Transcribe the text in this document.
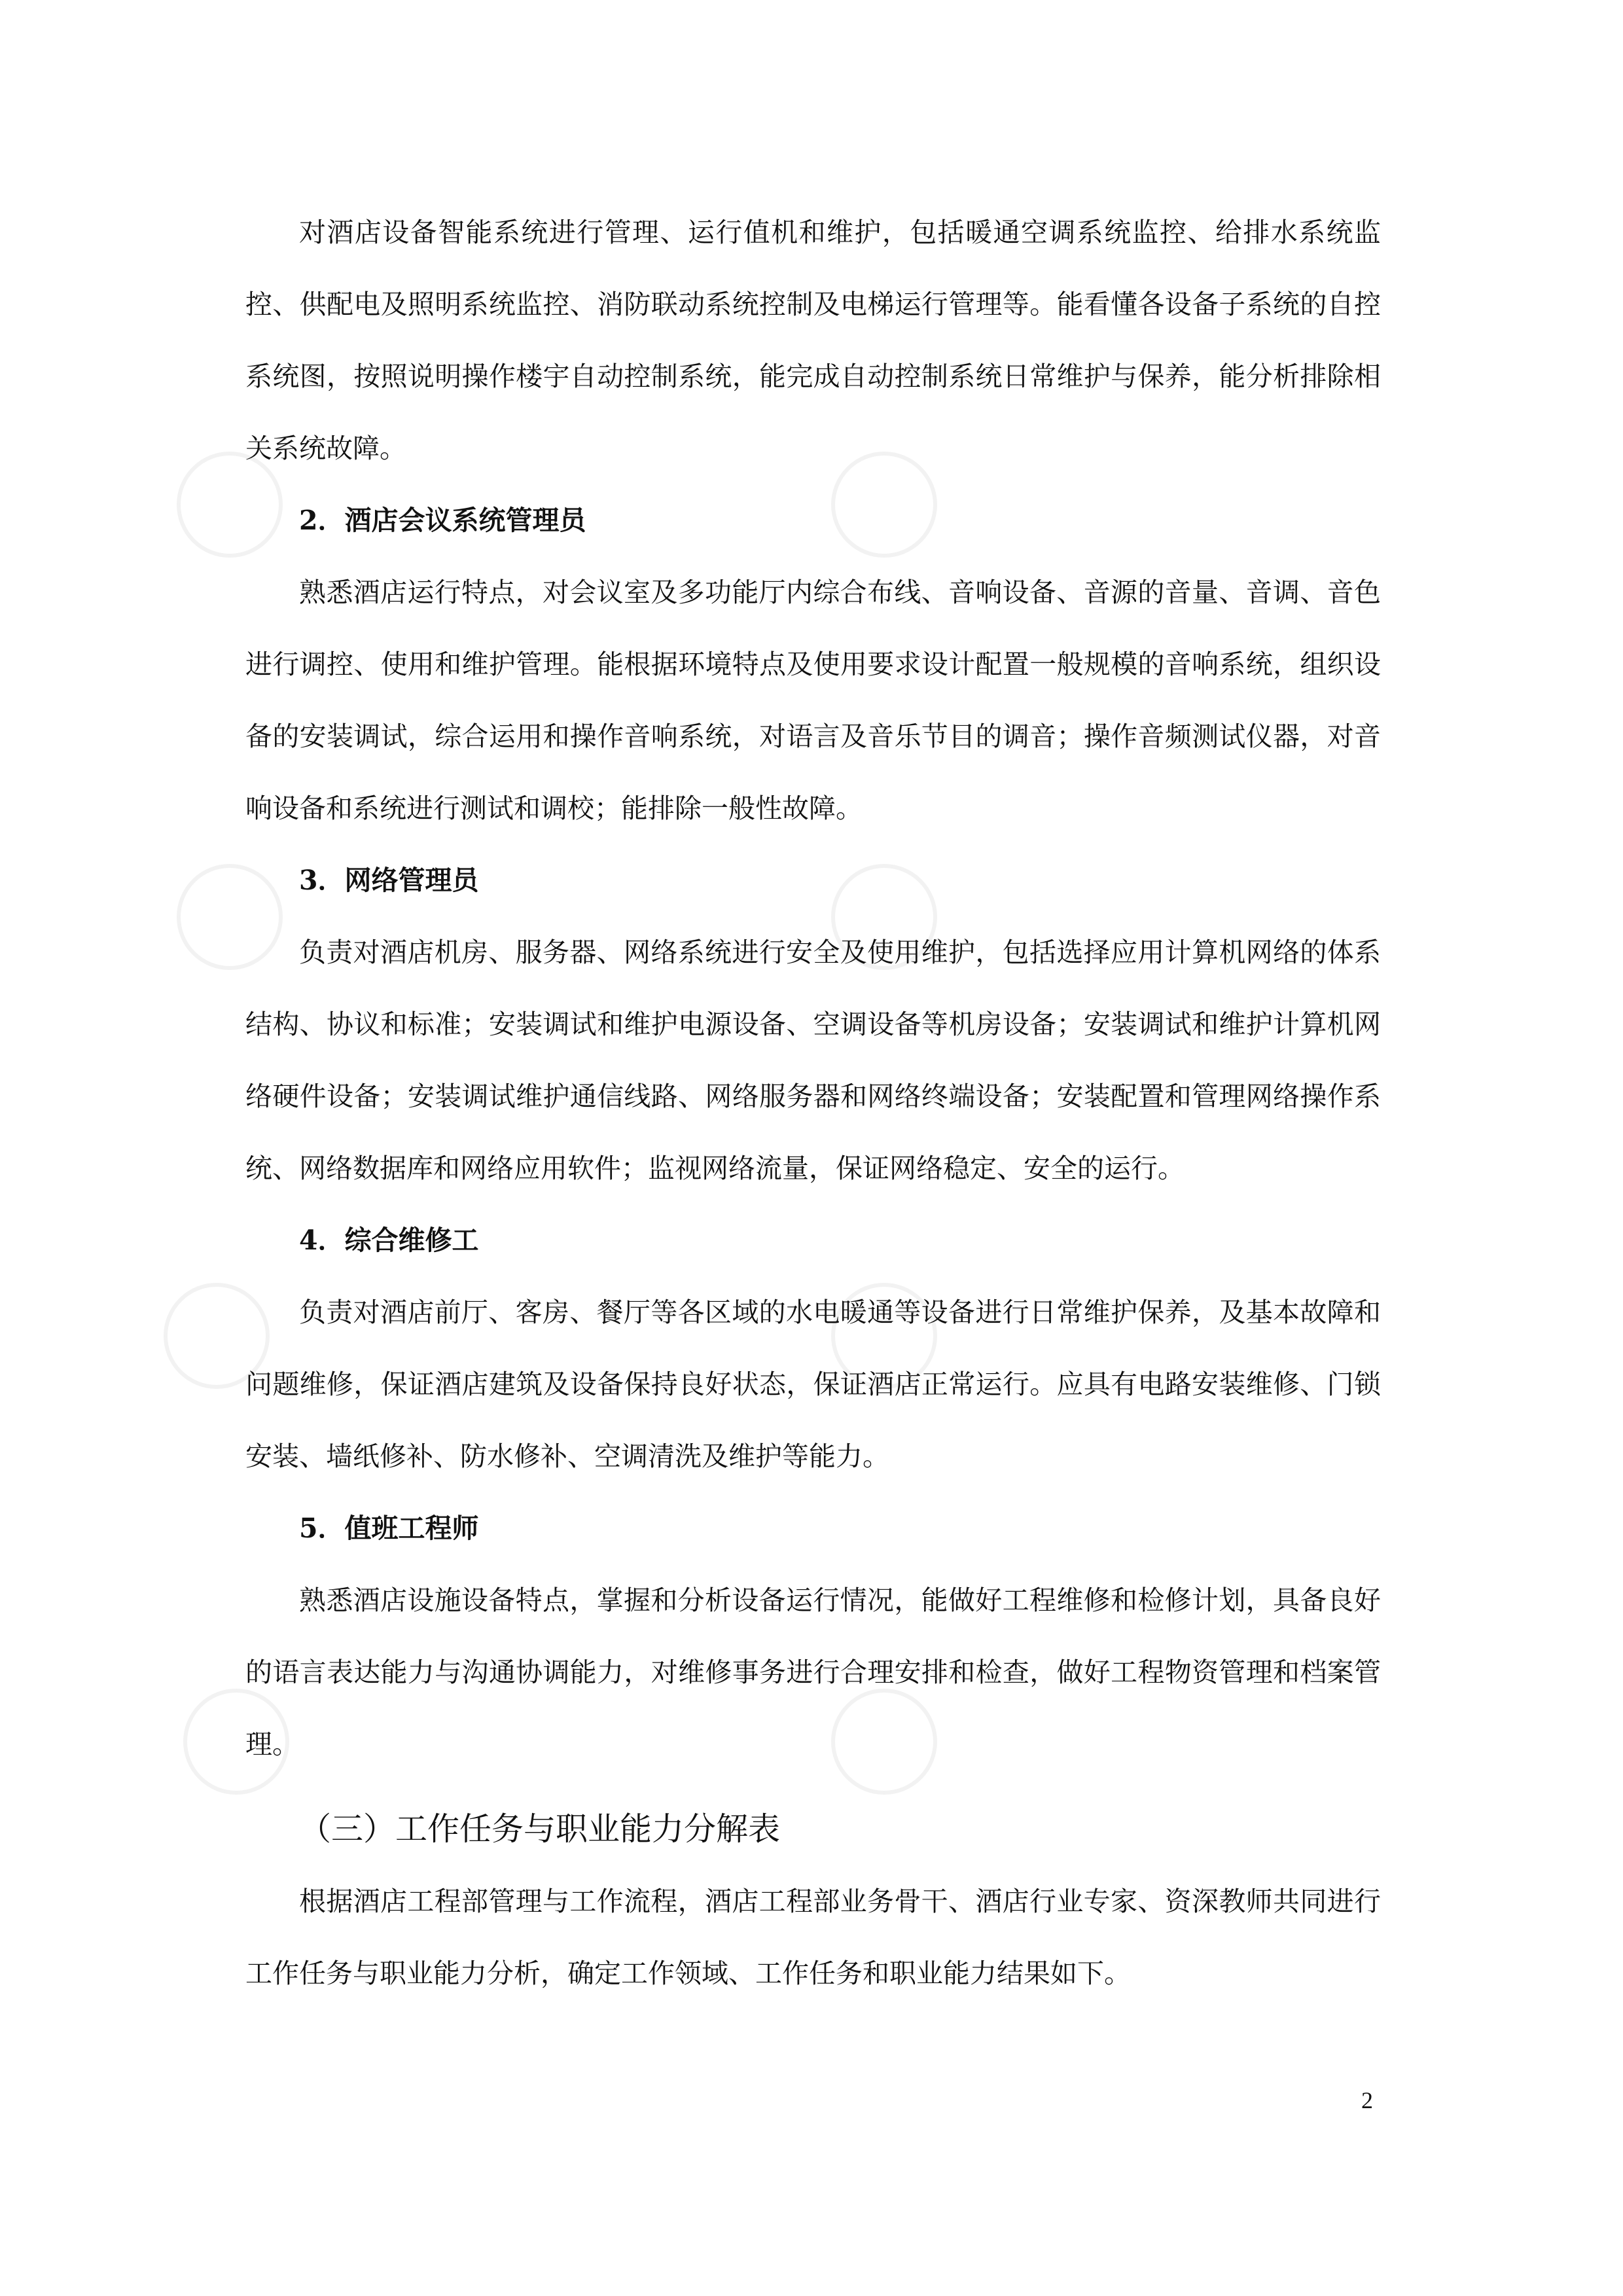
对酒店设备智能系统进行管理、运行值机和维护，包括暖通空调系统监控、给排水系统监控、供配电及照明系统监控、消防联动系统控制及电梯运行管理等。能看懂各设备子系统的自控系统图，按照说明操作楼宇自动控制系统，能完成自动控制系统日常维护与保养，能分析排除相关系统故障。

2．酒店会议系统管理员

熟悉酒店运行特点，对会议室及多功能厅内综合布线、音响设备、音源的音量、音调、音色进行调控、使用和维护管理。能根据环境特点及使用要求设计配置一般规模的音响系统，组织设备的安装调试，综合运用和操作音响系统，对语言及音乐节目的调音；操作音频测试仪器，对音响设备和系统进行测试和调校；能排除一般性故障。

3．网络管理员

负责对酒店机房、服务器、网络系统进行安全及使用维护，包括选择应用计算机网络的体系结构、协议和标准；安装调试和维护电源设备、空调设备等机房设备；安装调试和维护计算机网络硬件设备；安装调试维护通信线路、网络服务器和网络终端设备；安装配置和管理网络操作系统、网络数据库和网络应用软件；监视网络流量，保证网络稳定、安全的运行。

4．综合维修工

负责对酒店前厅、客房、餐厅等各区域的水电暖通等设备进行日常维护保养，及基本故障和问题维修，保证酒店建筑及设备保持良好状态，保证酒店正常运行。应具有电路安装维修、门锁安装、墙纸修补、防水修补、空调清洗及维护等能力。

5．值班工程师

熟悉酒店设施设备特点，掌握和分析设备运行情况，能做好工程维修和检修计划，具备良好的语言表达能力与沟通协调能力，对维修事务进行合理安排和检查，做好工程物资管理和档案管理。

（三）工作任务与职业能力分解表

根据酒店工程部管理与工作流程，酒店工程部业务骨干、酒店行业专家、资深教师共同进行工作任务与职业能力分析，确定工作领域、工作任务和职业能力结果如下。

2
